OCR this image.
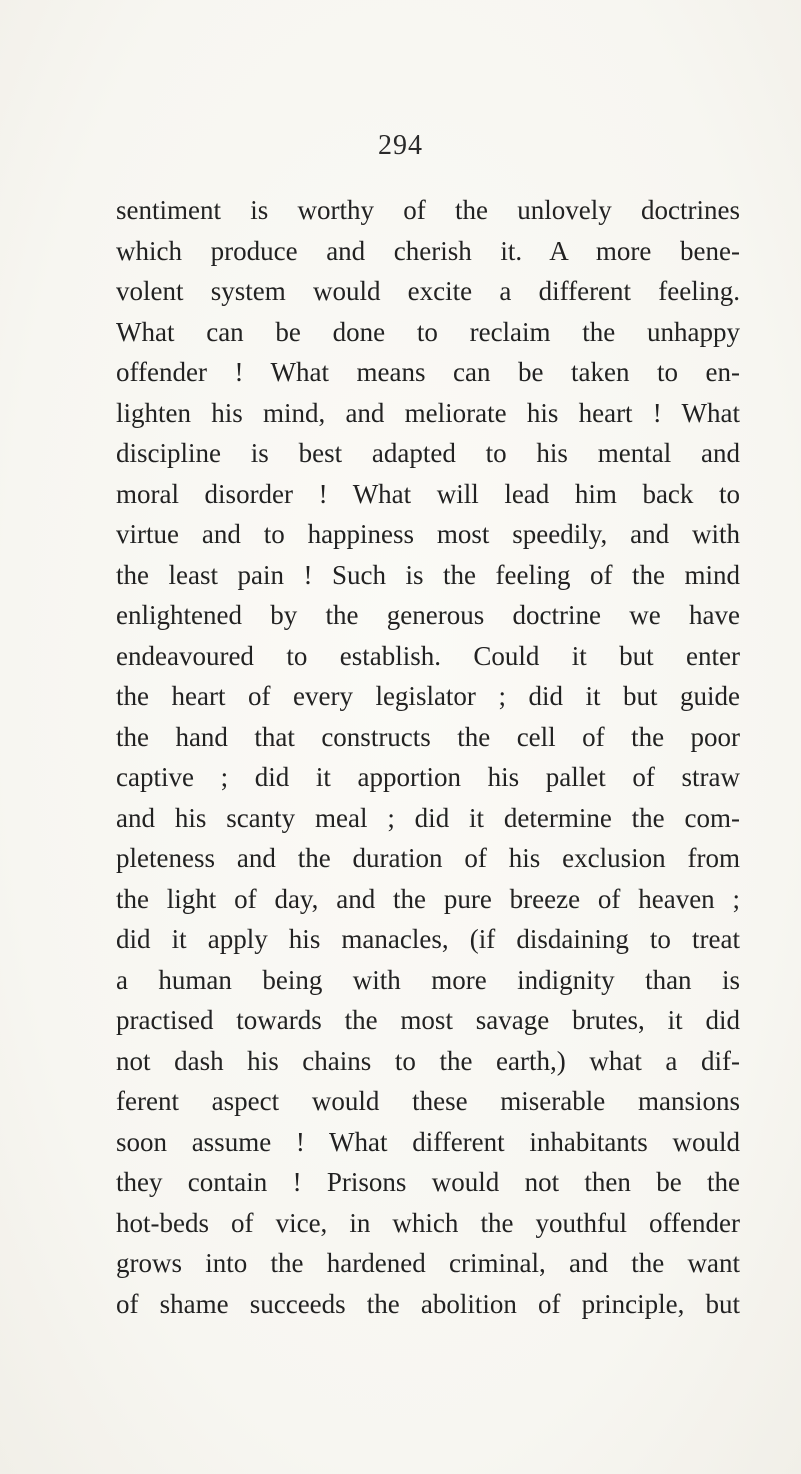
294
sentiment is worthy of the unlovely doctrines
which produce and cherish it. A more bene-
volent system would excite a different feeling.
What can be done to reclaim the unhappy
offender ! What means can be taken to en-
lighten his mind, and meliorate his heart ! What
discipline is best adapted to his mental and
moral disorder ! What will lead him back to
virtue and to happiness most speedily, and with
the least pain ! Such is the feeling of the mind
enlightened by the generous doctrine we have
endeavoured to establish. Could it but enter
the heart of every legislator ; did it but guide
the hand that constructs the cell of the poor
captive ; did it apportion his pallet of straw
and his scanty meal ; did it determine the com-
pleteness and the duration of his exclusion from
the light of day, and the pure breeze of heaven ;
did it apply his manacles, (if disdaining to treat
a human being with more indignity than is
practised towards the most savage brutes, it did
not dash his chains to the earth,) what a dif-
ferent aspect would these miserable mansions
soon assume ! What different inhabitants would
they contain ! Prisons would not then be the
hot-beds of vice, in which the youthful offender
grows into the hardened criminal, and the want
of shame succeeds the abolition of principle, but
